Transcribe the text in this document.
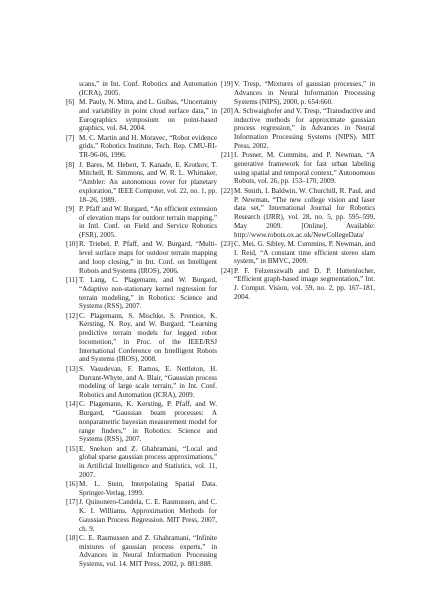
scans,” in Int. Conf. Robotics and Automation (ICRA), 2005.
[6] M. Pauly, N. Mitra, and L. Guibas, “Uncertainty and variability in point cloud surface data,” in Eurographics symposium on point-based graphics, vol. 84, 2004.
[7] M. C. Martin and H. Moravec, “Robot evidence grids,” Robotics Institute, Tech. Rep. CMU-RI-TR-96-06, 1996.
[8] J. Bares, M. Hebert, T. Kanade, E. Krotkov, T. Mitchell, R. Simmons, and W. R. L. Whittaker, “Ambler: An autonomous rover for planetary exploration,” IEEE Computer, vol. 22, no. 1, pp. 18–26, 1989.
[9] P. Pfaff and W. Burgard, “An efficient extension of elevation maps for outdoor terrain mapping,” in Intl. Conf. on Field and Service Robotics (FSR), 2005.
[10] R. Triebel, P. Pfaff, and W. Burgard, “Multi-level surface maps for outdoor terrain mapping and loop closing,” in Int. Conf. on Intelligent Robots and Systems (IROS), 2006.
[11] T. Lang, C. Plagemann, and W. Burgard, “Adaptive non-stationary kernel regression for terrain modeling,” in Robotics: Science and Systems (RSS), 2007.
[12] C. Plagemann, S. Mischke, S. Prentice, K. Kersting, N. Roy, and W. Burgard, “Learning predictive terrain models for legged robot locomotion,” in Proc. of the IEEE/RSJ International Conference on Intelligent Robots and Systems (IROS), 2008.
[13] S. Vasudevan, F. Ramos, E. Nettleton, H. Durrant-Whyte, and A. Blair, “Gaussian process modeling of large scale terrain,” in Int. Conf. Robotics and Automation (ICRA), 2009.
[14] C. Plagemann, K. Kersting, P. Pfaff, and W. Burgard, “Gaussian beam processes: A nonparametric bayesian measurement model for range finders,” in Robotics: Science and Systems (RSS), 2007.
[15] E. Snelson and Z. Ghahramani, “Local and global sparse gaussian process approximations,” in Artificial Intelligence and Statistics, vol. 11, 2007.
[16] M. L. Stein, Interpolating Spatial Data. Springer-Verlag, 1999.
[17] J. Quinonero-Candela, C. E. Rasmussen, and C. K. I. Williams, Approximation Methods for Gaussian Process Regression. MIT Press, 2007, ch. 9.
[18] C. E. Rasmussen and Z. Ghahramani, “Infinite mixtures of gaussian process experts,” in Advances in Neural Information Processing Systems, vol. 14. MIT Press, 2002, p. 881:888.
[19] V. Tresp, “Mixtures of gaussian processes,” in Advances in Neural Information Processing Systems (NIPS), 2000, p. 654:660.
[20] A. Schwaighofer and V. Tresp, “Transductive and inductive methods for approximate gaussian process regression,” in Advances in Neural Information Processing Systems (NIPS). MIT Press, 2002.
[21] I. Posner, M. Cummins, and P. Newman, “A generative framework for fast urban labeling using spatial and temporal context,” Autonomous Robots, vol. 26, pp. 153–170, 2009.
[22] M. Smith, I. Baldwin, W. Churchill, R. Paul, and P. Newman, “The new college vision and laser data set,” International Journal for Robotics Research (IJRR), vol. 28, no. 5, pp. 595–599, May 2009. [Online]. Available: http://www.robots.ox.ac.uk/NewCollegeData/
[23] C. Mei, G. Sibley, M. Cummins, P. Newman, and I. Reid, “A constant time efficient stereo slam system,” in BMVC, 2009.
[24] P. F. Felzenszwalb and D. P. Huttenlocher, “Efficient graph-based image segmentation,” Int. J. Comput. Vision, vol. 59, no. 2, pp. 167–181, 2004.
